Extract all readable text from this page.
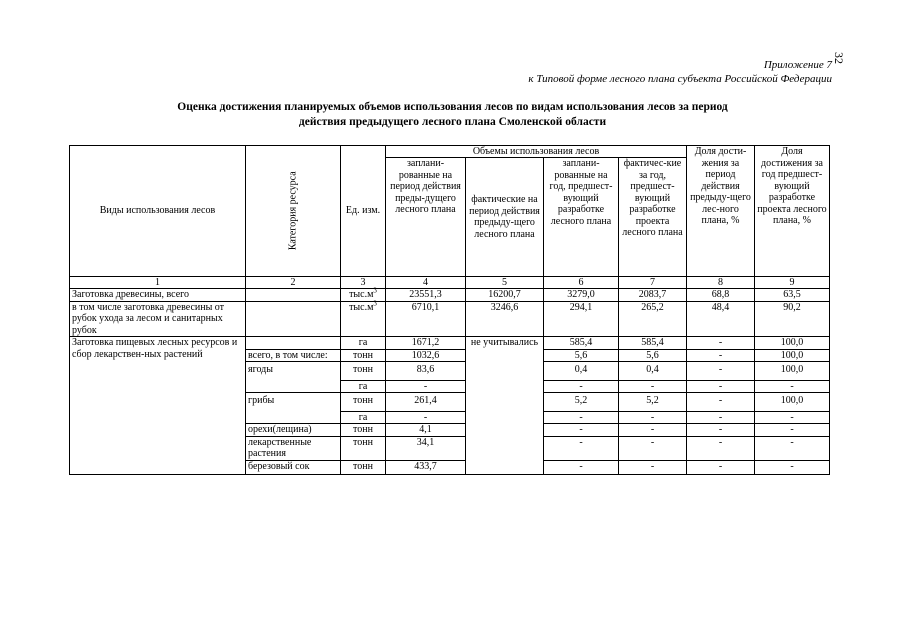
32
Приложение 7
к Типовой форме лесного плана субъекта Российской Федерации
Оценка достижения планируемых объемов использования лесов по видам использования лесов за период
действия предыдущего лесного плана Смоленской области
Виды использования лесов	Категория ресурса	Ед. изм.	Объемы использования лесов				Доля дости-жения за период действия предыду-щего лес-ного плана, %	Доля достижения за год предшест-вующий разработке проекта лесного плана, %
			заплани-рованные на период действия преды-дущего лесного плана	фактические на период действия предыду-щего лесного плана	заплани-рованные на год, предшест-вующий разработке лесного плана	фактичес-кие за год, предшест-вующий разработке проекта лесного плана		
1	2	3	4	5	6	7	8	9
Заготовка древесины, всего		$тыс.м^3$	23551,3	16200,7	3279,0	2083,7	68,8	63,5
в том числе заготовка древесины от рубок ухода за лесом и санитарных рубок		$тыс.м^3$	6710,1	3246,6	294,1	265,2	48,4	90,2
Заготовка пищевых лесных ресурсов и сбор лекарствен-ных растений		га	1671,2	не учитывались	585,4	585,4	-	100,0
	всего, в том числе:	тонн	1032,6		5,6	5,6	-	100,0
	ягоды	тонн	83,6		0,4	0,4	-	100,0
		га	-		-	-	-	-
	грибы	тонн	261,4		5,2	5,2	-	100,0
		га	-		-	-	-	-
	орехи(лещина)	тонн	4,1		-	-	-	-
	лекарственные растения	тонн	34,1		-	-	-	-
	березовый сок	тонн	433,7		-	-	-	-
